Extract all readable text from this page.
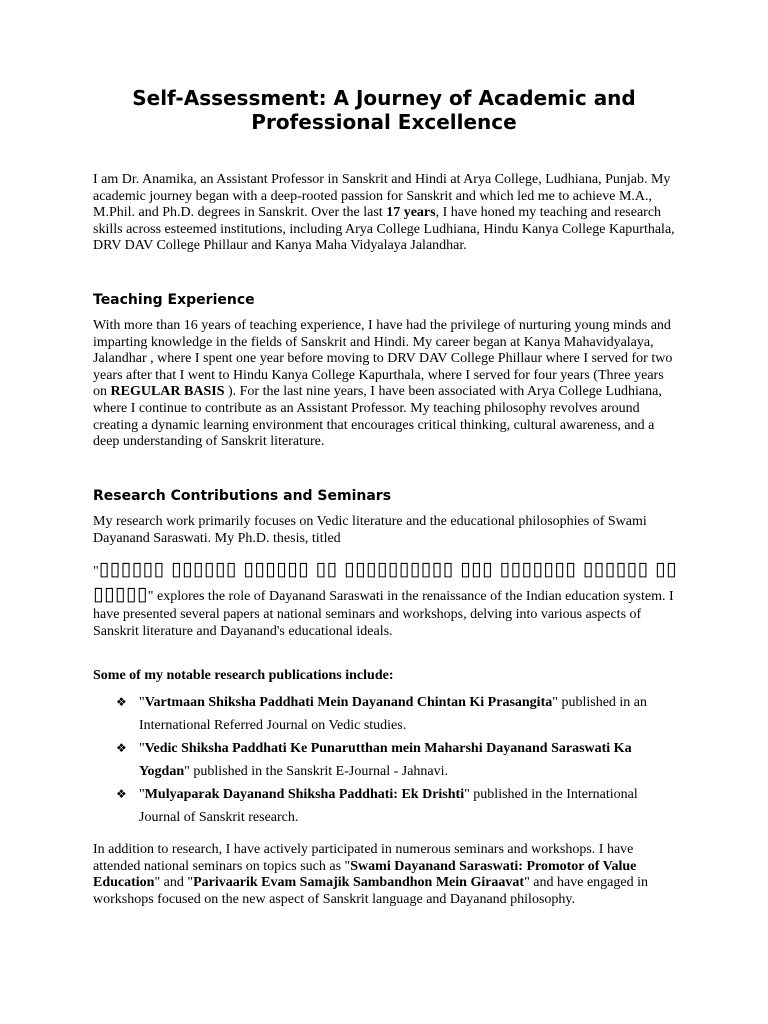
Self-Assessment: A Journey of Academic and Professional Excellence

I am Dr. Anamika, an Assistant Professor in Sanskrit and Hindi at Arya College, Ludhiana, Punjab. My academic journey began with a deep-rooted passion for Sanskrit and which led me to achieve M.A., M.Phil. and Ph.D. degrees in Sanskrit. Over the last 17 years, I have honed my teaching and research skills across esteemed institutions, including Arya College Ludhiana, Hindu Kanya College Kapurthala, DRV DAV College Phillaur and Kanya Maha Vidyalaya Jalandhar.

Teaching Experience

With more than 16 years of teaching experience, I have had the privilege of nurturing young minds and imparting knowledge in the fields of Sanskrit and Hindi. My career began at Kanya Mahavidyalaya, Jalandhar , where I spent one year before moving to DRV DAV College Phillaur where I served for two years after that I went to Hindu Kanya College Kapurthala, where I served for four years (Three years on REGULAR BASIS ). For the last nine years, I have been associated with Arya College Ludhiana, where I continue to contribute as an Assistant Professor. My teaching philosophy revolves around creating a dynamic learning environment that encourages critical thinking, cultural awareness, and a deep understanding of Sanskrit literature.

Research Contributions and Seminars

My research work primarily focuses on Vedic literature and the educational philosophies of Swami Dayanand Saraswati. My Ph.D. thesis, titled

"▯▯▯▯▯▯ ▯▯▯▯▯▯ ▯▯▯▯▯▯ ▯▯ ▯▯▯▯▯▯▯▯▯▯ ▯▯▯ ▯▯▯▯▯▯▯ ▯▯▯▯▯▯ ▯▯ ▯▯▯▯▯" explores the role of Dayanand Saraswati in the renaissance of the Indian education system. I have presented several papers at national seminars and workshops, delving into various aspects of Sanskrit literature and Dayanand's educational ideals.

Some of my notable research publications include:
❖ "Vartmaan Shiksha Paddhati Mein Dayanand Chintan Ki Prasangita" published in an International Referred Journal on Vedic studies.
❖ "Vedic Shiksha Paddhati Ke Punarutthan mein Maharshi Dayanand Saraswati Ka Yogdan" published in the Sanskrit E-Journal - Jahnavi.
❖ "Mulyaparak Dayanand Shiksha Paddhati: Ek Drishti" published in the International Journal of Sanskrit research.

In addition to research, I have actively participated in numerous seminars and workshops. I have attended national seminars on topics such as "Swami Dayanand Saraswati: Promotor of Value Education" and "Parivaarik Evam Samajik Sambandhon Mein Giraavat" and have engaged in workshops focused on the new aspect of Sanskrit language and Dayanand philosophy.
